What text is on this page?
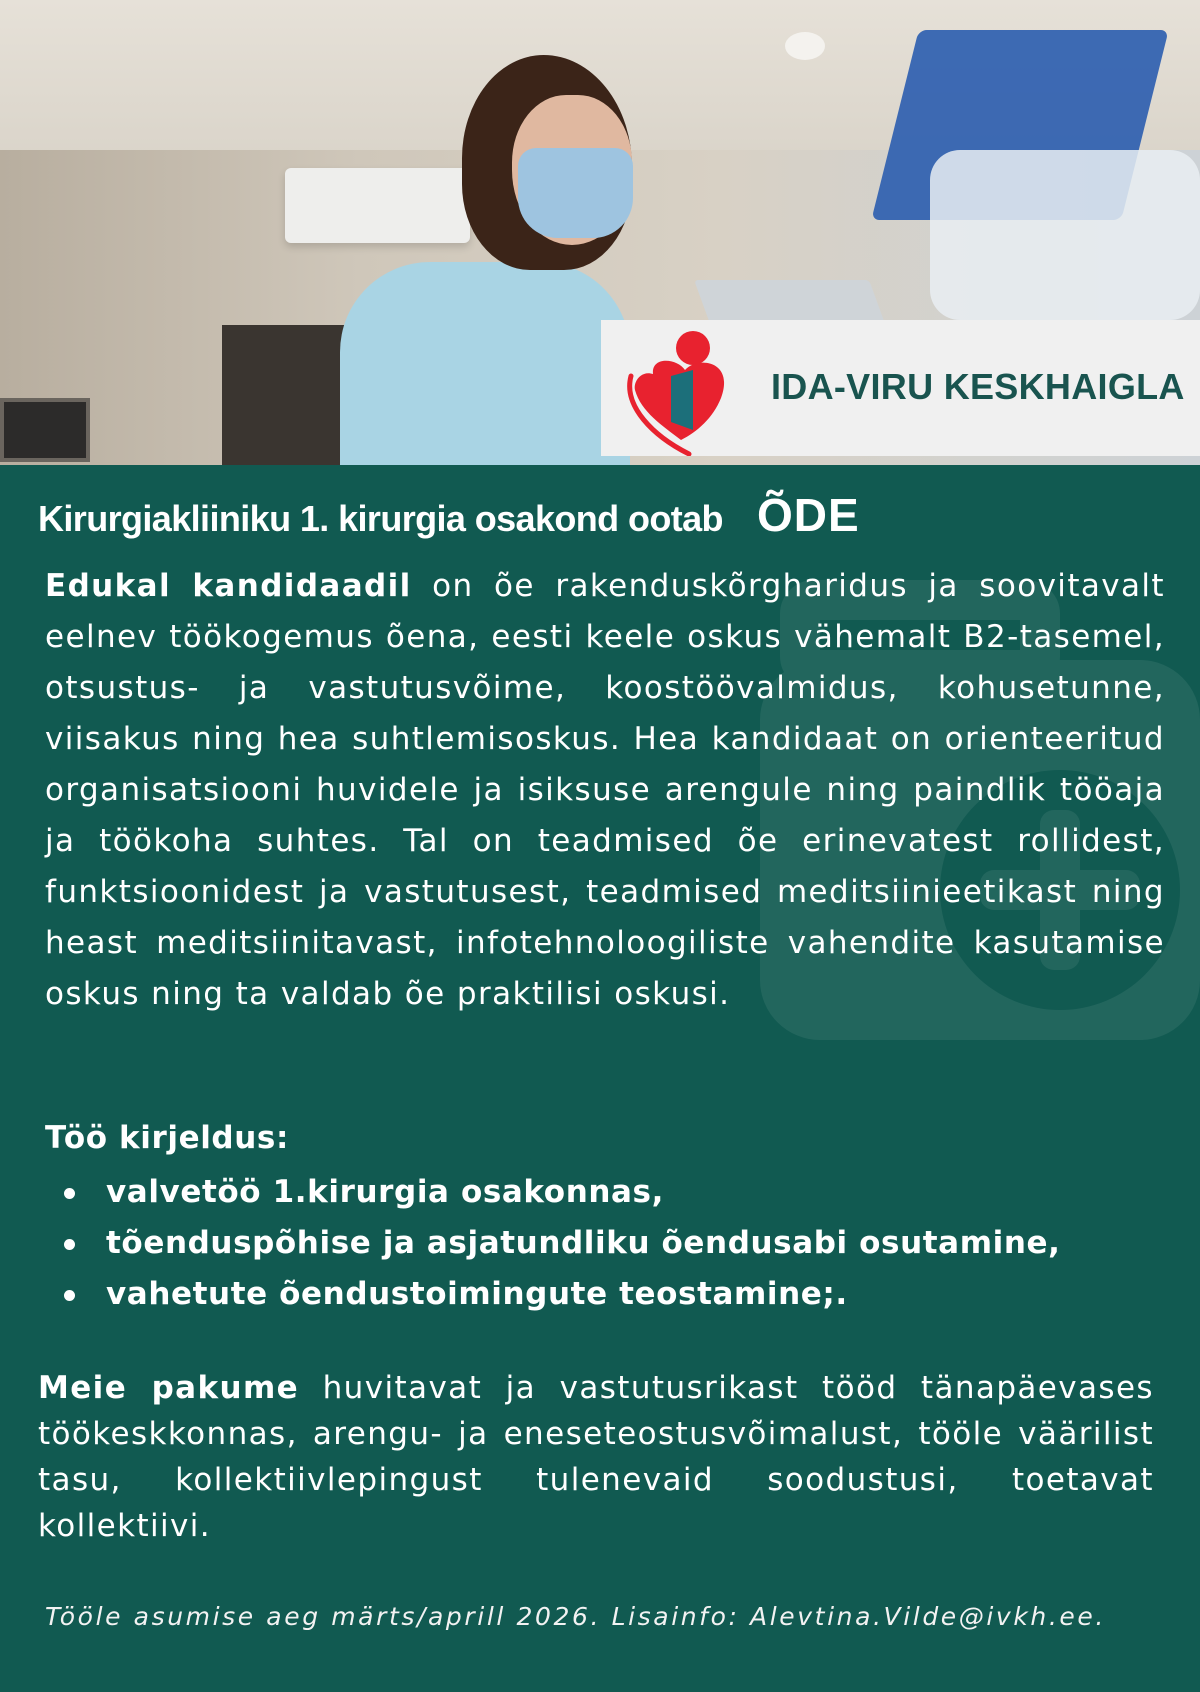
IDA-VIRU KESKHAIGLA
Kirurgiakliiniku 1. kirurgia osakond ootab ÕDE
Edukal kandidaadil on õe rakenduskõrgharidus ja soovitavalt eelnev töökogemus õena, eesti keele oskus vähemalt B2-tasemel, otsustus- ja vastutusvõime, koostöövalmidus, kohusetunne, viisakus ning hea suhtlemisoskus. Hea kandidaat on orienteeritud organisatsiooni huvidele ja isiksuse arengule ning paindlik tööaja ja töökoha suhtes. Tal on teadmised õe erinevatest rollidest, funktsioonidest ja vastutusest, teadmised meditsiinieetikast ning heast meditsiinitavast, infotehnoloogiliste vahendite kasutamise oskus ning ta valdab õe praktilisi oskusi.
Töö kirjeldus:
valvetöö 1.kirurgia osakonnas,
tõenduspõhise ja asjatundliku õendusabi osutamine,
vahetute õendustoimingute teostamine;.
Meie pakume huvitavat ja vastutusrikast tööd tänapäevases töökeskkonnas, arengu- ja eneseteostusvõimalust, tööle väärilist tasu, kollektiivlepingust tulenevaid soodustusi, toetavat kollektiivi.
Tööle asumise aeg märts/aprill 2026. Lisainfo: Alevtina.Vilde@ivkh.ee.
